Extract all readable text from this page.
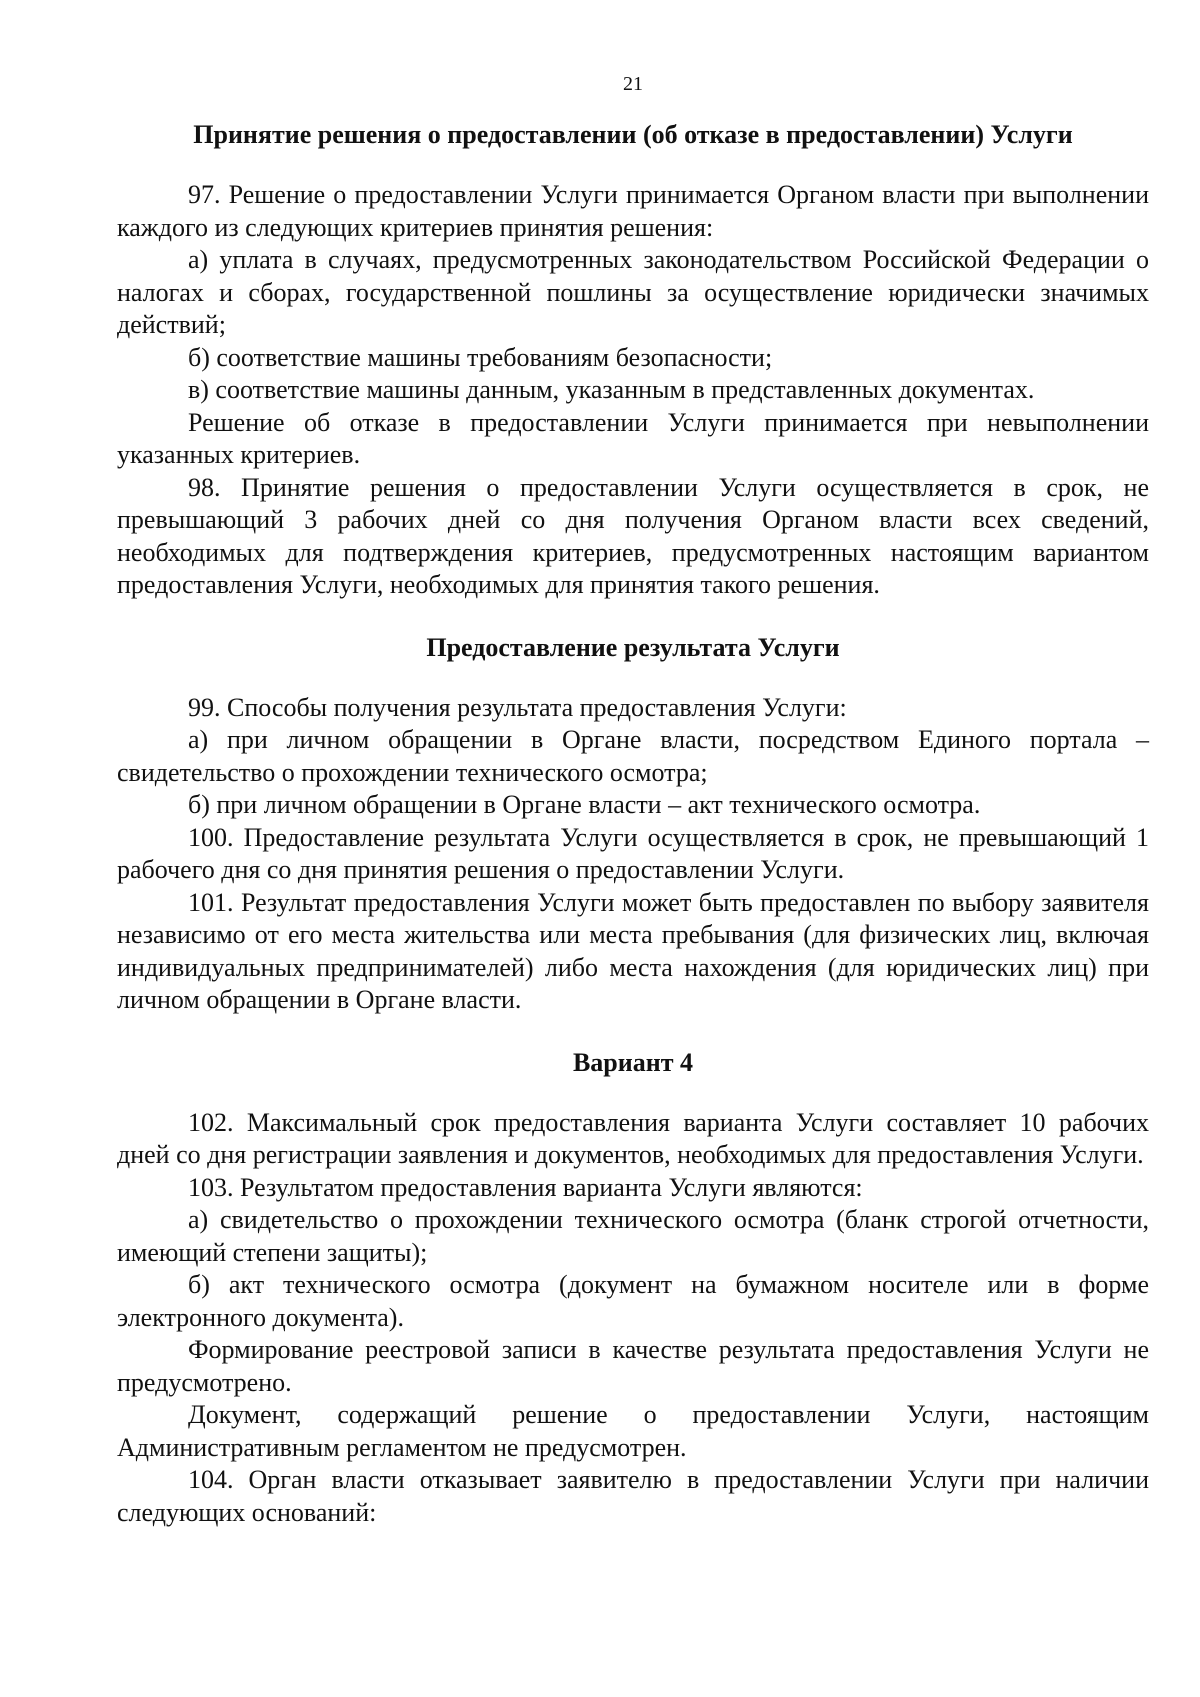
21
Принятие решения о предоставлении (об отказе в предоставлении) Услуги

97. Решение о предоставлении Услуги принимается Органом власти при выполнении каждого из следующих критериев принятия решения:

а) уплата в случаях, предусмотренных законодательством Российской Федерации о налогах и сборах, государственной пошлины за осуществление юридически значимых действий;

б) соответствие машины требованиям безопасности;

в) соответствие машины данным, указанным в представленных документах.

Решение об отказе в предоставлении Услуги принимается при невыполнении указанных критериев.

98. Принятие решения о предоставлении Услуги осуществляется в срок, не превышающий 3 рабочих дней со дня получения Органом власти всех сведений, необходимых для подтверждения критериев, предусмотренных настоящим вариантом предоставления Услуги, необходимых для принятия такого решения.

Предоставление результата Услуги

99. Способы получения результата предоставления Услуги:

а) при личном обращении в Органе власти, посредством Единого портала – свидетельство о прохождении технического осмотра;

б) при личном обращении в Органе власти – акт технического осмотра.

100. Предоставление результата Услуги осуществляется в срок, не превышающий 1 рабочего дня со дня принятия решения о предоставлении Услуги.

101. Результат предоставления Услуги может быть предоставлен по выбору заявителя независимо от его места жительства или места пребывания (для физических лиц, включая индивидуальных предпринимателей) либо места нахождения (для юридических лиц) при личном обращении в Органе власти.

Вариант 4

102. Максимальный срок предоставления варианта Услуги составляет 10 рабочих дней со дня регистрации заявления и документов, необходимых для предоставления Услуги.

103. Результатом предоставления варианта Услуги являются:

а) свидетельство о прохождении технического осмотра (бланк строгой отчетности, имеющий степени защиты);

б) акт технического осмотра (документ на бумажном носителе или в форме электронного документа).

Формирование реестровой записи в качестве результата предоставления Услуги не предусмотрено.

Документ, содержащий решение о предоставлении Услуги, настоящим Административным регламентом не предусмотрен.

104. Орган власти отказывает заявителю в предоставлении Услуги при наличии следующих оснований:
